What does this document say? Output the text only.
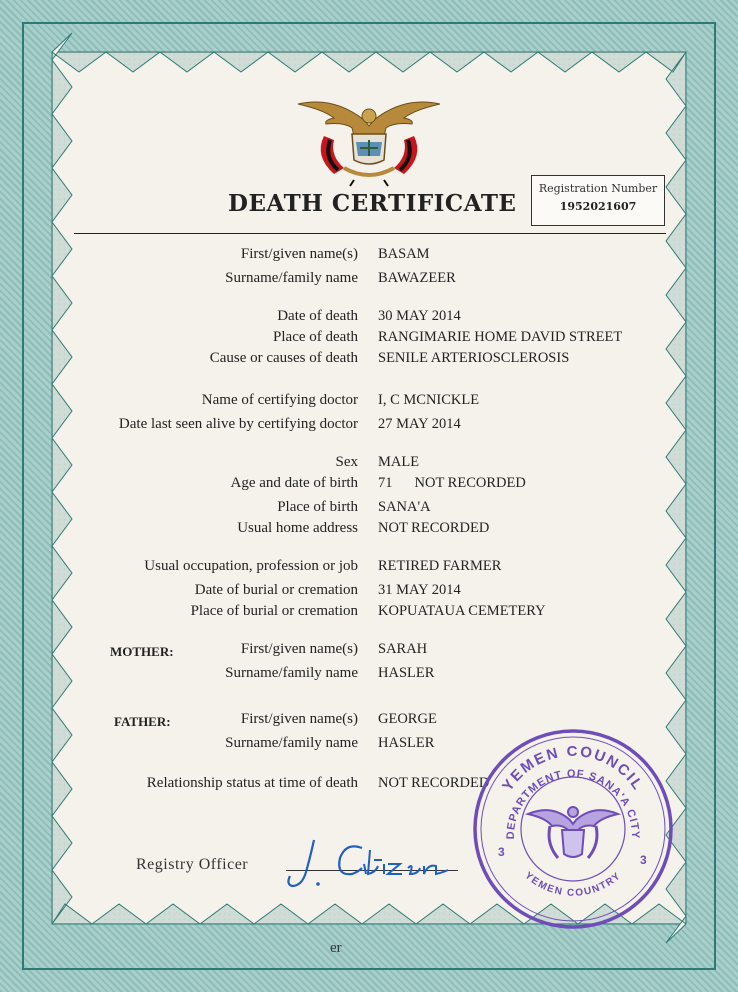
DEATH CERTIFICATE
Registration Number
1952021607
First/given name(s) BASAM
Surname/family name BAWAZEER
Date of death 30 MAY 2014
Place of death RANGIMARIE HOME DAVID STREET
Cause or causes of death SENILE ARTERIOSCLEROSIS
Name of certifying doctor I, C MCNICKLE
Date last seen alive by certifying doctor 27 MAY 2014
Sex MALE
Age and date of birth 71 NOT RECORDED
Place of birth SANA'A
Usual home address NOT RECORDED
Usual occupation, profession or job RETIRED FARMER
Date of burial or cremation 31 MAY 2014
Place of burial or cremation KOPUATAUA CEMETERY
MOTHER:	First/given name(s) SARAH
Surname/family name HASLER
FATHER:	First/given name(s) GEORGE
Surname/family name HASLER
Relationship status at time of death NOT RECORDED
Registry Officer
YEMEN COUNCIL
DEPARTMENT OF SANA'A CITY
YEMEN COUNTRY
3
3
er
